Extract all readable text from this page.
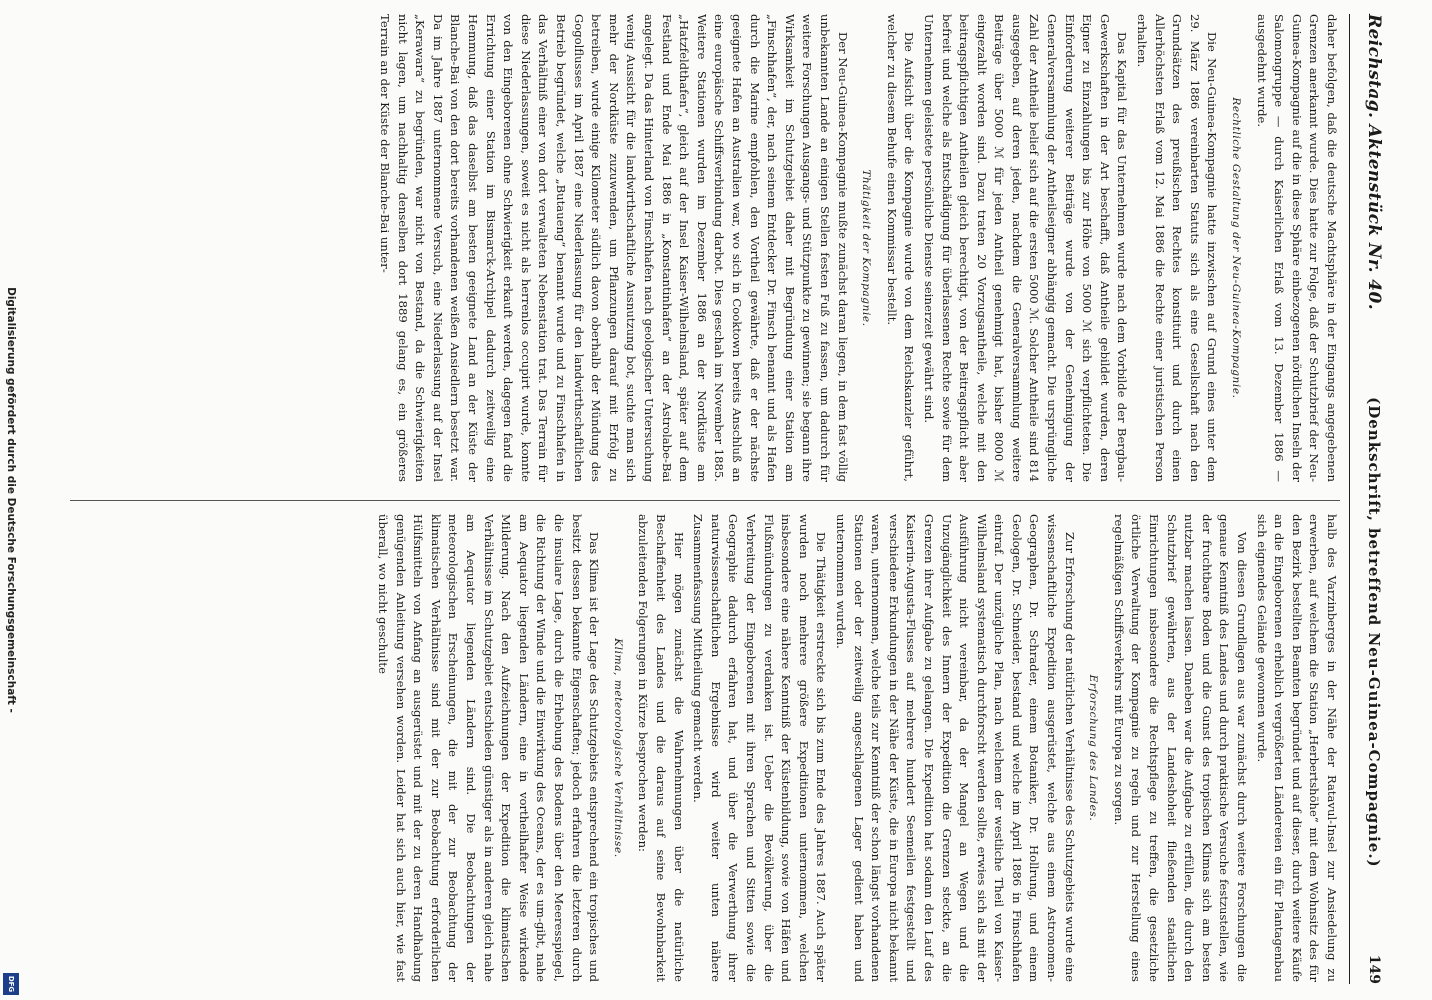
Digitalisierung gefördert durch die Deutsche Forschungsgemeinschaft -
DFG
Reichstag. Aktenstück Nr. 40.
(Denkschrift, betreffend Neu-Guinea-Compagnie.)
149

daher befolgen, daß die deutsche Machtsphäre in der Eingangs angegebenen Grenzen anerkannt wurde. Dies hatte zur Folge, daß der Schutzbrief der Neu-Guinea-Kompagnie auf die in diese Sphäre einbezogenen nördlichen Inseln der Salomongruppe — durch Kaiserlichen Erlaß vom 13. Dezember 1886 — ausgedehnt wurde.

Rechtliche Gestaltung der Neu-Guinea-Kompagnie.

Die Neu-Guinea-Kompagnie hatte inzwischen auf Grund eines unter dem 29. März 1886 vereinbarten Statuts sich als eine Gesellschaft nach den Grundsätzen des preußischen Rechtes konstituirt und durch einen Allerhöchsten Erlaß vom 12. Mai 1886 die Rechte einer juristischen Person erhalten.

Das Kapital für das Unternehmen wurde nach dem Vorbilde der Bergbau-Gewerkschaften in der Art beschafft, daß Antheile gebildet wurden, deren Eigner zu Einzahlungen bis zur Höhe von 5000 ℳ sich verpflichteten. Die Einforderung weiterer Beiträge wurde von der Genehmigung der Generalversammlung der Antheilseigner abhängig gemacht. Die ursprüngliche Zahl der Antheile belief sich auf die ersten 5000 ℳ. Solcher Antheile sind 814 ausgegeben, auf deren jeden, nachdem die Generalversammlung weitere Beiträge über 5000 ℳ für jeden Antheil genehmigt hat, bisher 8000 ℳ eingezahlt worden sind. Dazu traten 20 Vorzugsantheile, welche mit den beitragspflichtigen Antheilen gleich berechtigt, von der Beitragspflicht aber befreit und welche als Entschädigung für überlassenen Rechte sowie für dem Unternehmen geleistete persönliche Dienste seinerzeit gewährt sind.

Die Aufsicht über die Kompagnie wurde von dem Reichskanzler geführt, welcher zu diesem Behufe einen Kommissar bestellt.

Thätigkeit der Kompagnie.

Der Neu-Guinea-Kompagnie mußte zunächst daran liegen, in dem fast völlig unbekannten Lande an einigen Stellen festen Fuß zu fassen, um dadurch für weitere Forschungen Ausgangs- und Stützpunkte zu gewinnen; sie begann ihre Wirksamkeit im Schutzgebiet daher mit Begründung einer Station am „Finschhafen“, der, nach seinem Entdecker Dr. Finsch benannt und als Hafen durch die Marine empfohlen, den Vortheil gewährte, daß er der nächste geeignete Hafen an Australien war, wo sich in Cooktown bereits Anschluß an eine europäische Schiffsverbindung darbot. Dies geschah im November 1885. Weitere Stationen wurden im Dezember 1886 an der Nordküste am „Hatzfeldthafen“, gleich auf der Insel Kaiser-Wilhelmsland, später auf dem Festland und Ende Mai 1886 in „Konstantinhafen“ an der Astrolabe-Bai angelegt. Da das Hinterland von Finschhafen nach geologischer Untersuchung wenig Aussicht für die landwirthschaftliche Ausnutzung bot, suchte man sich mehr der Nordküste zuzuwenden, um Pflanzungen darauf mit Erfolg zu betreiben, wurde einige Kilometer südlich davon oberhalb der Mündung des Gogolflusses im April 1887 eine Niederlassung für den landwirthschaftlichen Betrieb begründet, welche „Butaueng“ benannt wurde und zu Finschhafen in das Verhältniß einer von dort verwalteten Nebenstation trat. Das Terrain für diese Niederlassungen, soweit es nicht als herrenlos occupirt wurde, konnte von den Eingeborenen ohne Schwierigkeit erkauft werden, dagegen fand die Errichtung einer Station im Bismarck-Archipel dadurch zeitweilig eine Hemmung, daß das daselbst am besten geeignete Land an der Küste der Blanche-Bai von den dort bereits vorhandenen weißen Ansiedlern besetzt war. Da im Jahre 1887 unternommene Versuch, eine Niederlassung auf der Insel „Kerawara“ zu begründen, war nicht von Bestand, da die Schwierigkeiten nicht lagen, um nachhaltig denselben dort 1889 gelang es, ein größeres Terrain an der Küste der Blanche-Bai unter-

halb des Varzinberges in der Nähe der Ratavul-Insel zur Ansiedelung zu erwerben, auf welchem die Station „Herbertshöhe“ mit dem Wohnsitz des für den Bezirk bestellten Beamten begründet und auf dieser, durch weitere Käufe an die Eingeborenen erheblich vergrößerten Ländereien ein für Plantagenbau sich eignendes Gelände gewonnen wurde.

Von diesen Grundlagen aus war zunächst durch weitere Forschungen die genaue Kenntniß des Landes und durch praktische Versuche festzustellen, wie der fruchtbare Boden und die Gunst des tropischen Klimas sich am besten nutzbar machen lassen. Daneben war die Aufgabe zu erfüllen, die durch den Schutzbrief gewährten, aus der Landeshoheit fließenden staatlichen Einrichtungen insbesondere die Rechtspflege zu treffen, die gesetzliche örtliche Verwaltung der Kompagnie zu regeln und zur Herstellung eines regelmäßigen Schiffsverkehrs mit Europa zu sorgen.

Erforschung des Landes.

Zur Erforschung der natürlichen Verhältnisse des Schutzgebiets wurde eine wissenschaftliche Expedition ausgerüstet, welche aus einem Astronomen-Geographen, Dr. Schrader, einem Botaniker, Dr. Hollrung, und einem Geologen, Dr. Schneider, bestand und welche im April 1886 in Finschhafen eintraf. Der unzügliche Plan, nach welchem der westliche Theil von Kaiser-Wilhelmsland systematisch durchforscht werden sollte, erwies sich als mit der Ausführung nicht vereinbar, da der Mangel an Wegen und die Unzugänglichkeit des Innern der Expedition die Grenzen steckte, an die Grenzen ihrer Aufgabe zu gelangen. Die Expedition hat sodann den Lauf des Kaiserin-Augusta-Flusses auf mehrere hundert Seemeilen festgestellt und verschiedene Erkundungen in der Nähe der Küste, die in Europa nicht bekannt waren, unternommen, welche teils zur Kenntniß der schon längst vorhandenen Stationen oder der zeitweilig angeschlagenen Lager gedient haben und unternommen wurden.

Die Thätigkeit erstreckte sich bis zum Ende des Jahres 1887. Auch später wurden noch mehrere größere Expeditionen unternommen, welchen insbesondere eine nähere Kenntniß der Küstenbildung, sowie von Häfen und Flußmündungen zu verdanken ist. Ueber die Bevölkerung, über die Verbreitung der Eingeborenen mit ihren Sprachen und Sitten sowie die Geographie dadurch erfahren hat, und über die Verwerthung ihrer naturwissenschaftlichen Ergebnisse wird weiter unten nähere Zusammenfassung Mittheilung gemacht werden.

Hier mögen zunächst die Wahrnehmungen über die natürliche Beschaffenheit des Landes und die daraus auf seine Bewohnbarkeit abzuleitenden Folgerungen in Kürze besprochen werden:

Klima, meteorologische Verhältnisse.

Das Klima ist der Lage des Schutzgebiets entsprechend ein tropisches und besitzt dessen bekannte Eigenschaften; jedoch erfahren die letzteren durch die insulare Lage, durch die Erhebung des Bodens über den Meeresspiegel, die Richtung der Winde und die Einwirkung des Oceans, der es um-gibt, nahe am Aequator liegenden Ländern, eine in vortheilhafter Weise wirkende Milderung. Nach den Aufzeichnungen der Expedition die klimatischen Verhältnisse im Schutzgebiet entschieden günstiger als in anderen gleich nahe am Aequator liegenden Ländern sind. Die Beobachtungen der meteorologischen Erscheinungen, die mit der zur Beobachtung der klimatischen Verhältnisse sind mit der zur Beobachtung erforderlichen Hülfsmitteln von Anfang an ausgerüstet und mit der zu deren Handhabung genügenden Anleitung versehen worden. Leider hat sich auch hier, wie fast überall, wo nicht geschulte
